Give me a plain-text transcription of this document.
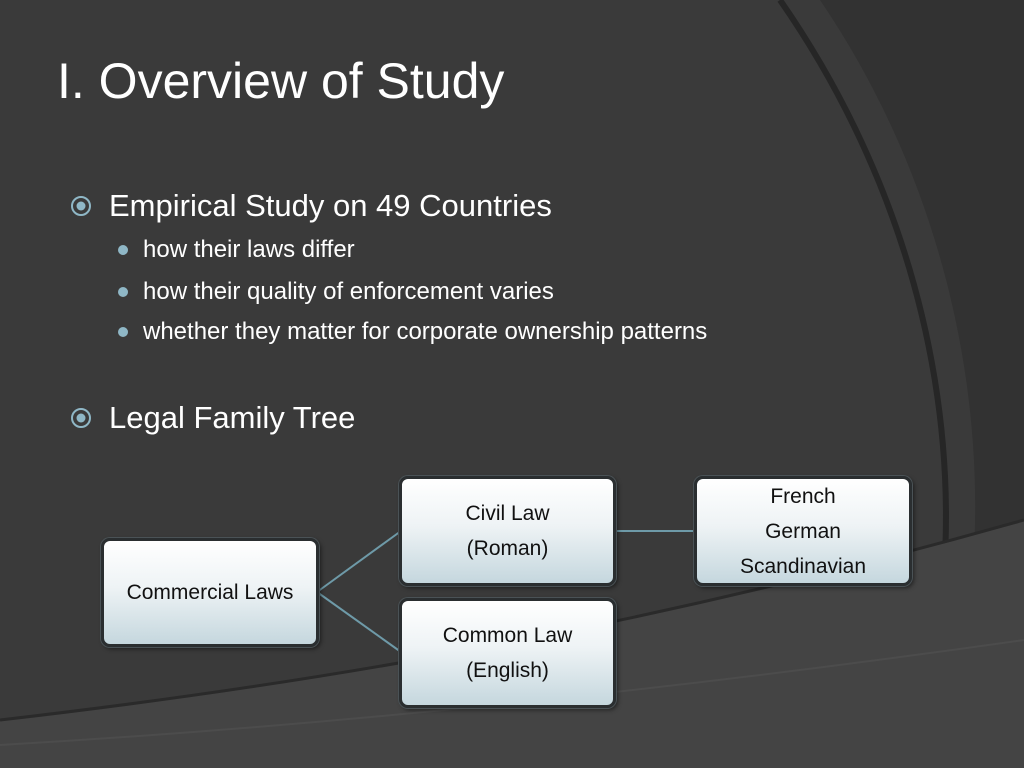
I. Overview of Study
Empirical Study on 49 Countries
how their laws differ
how their quality of enforcement varies
whether they matter for corporate ownership patterns
Legal Family Tree
Commercial Laws
Civil Law
(Roman)
Common Law
(English)
French
German
Scandinavian
